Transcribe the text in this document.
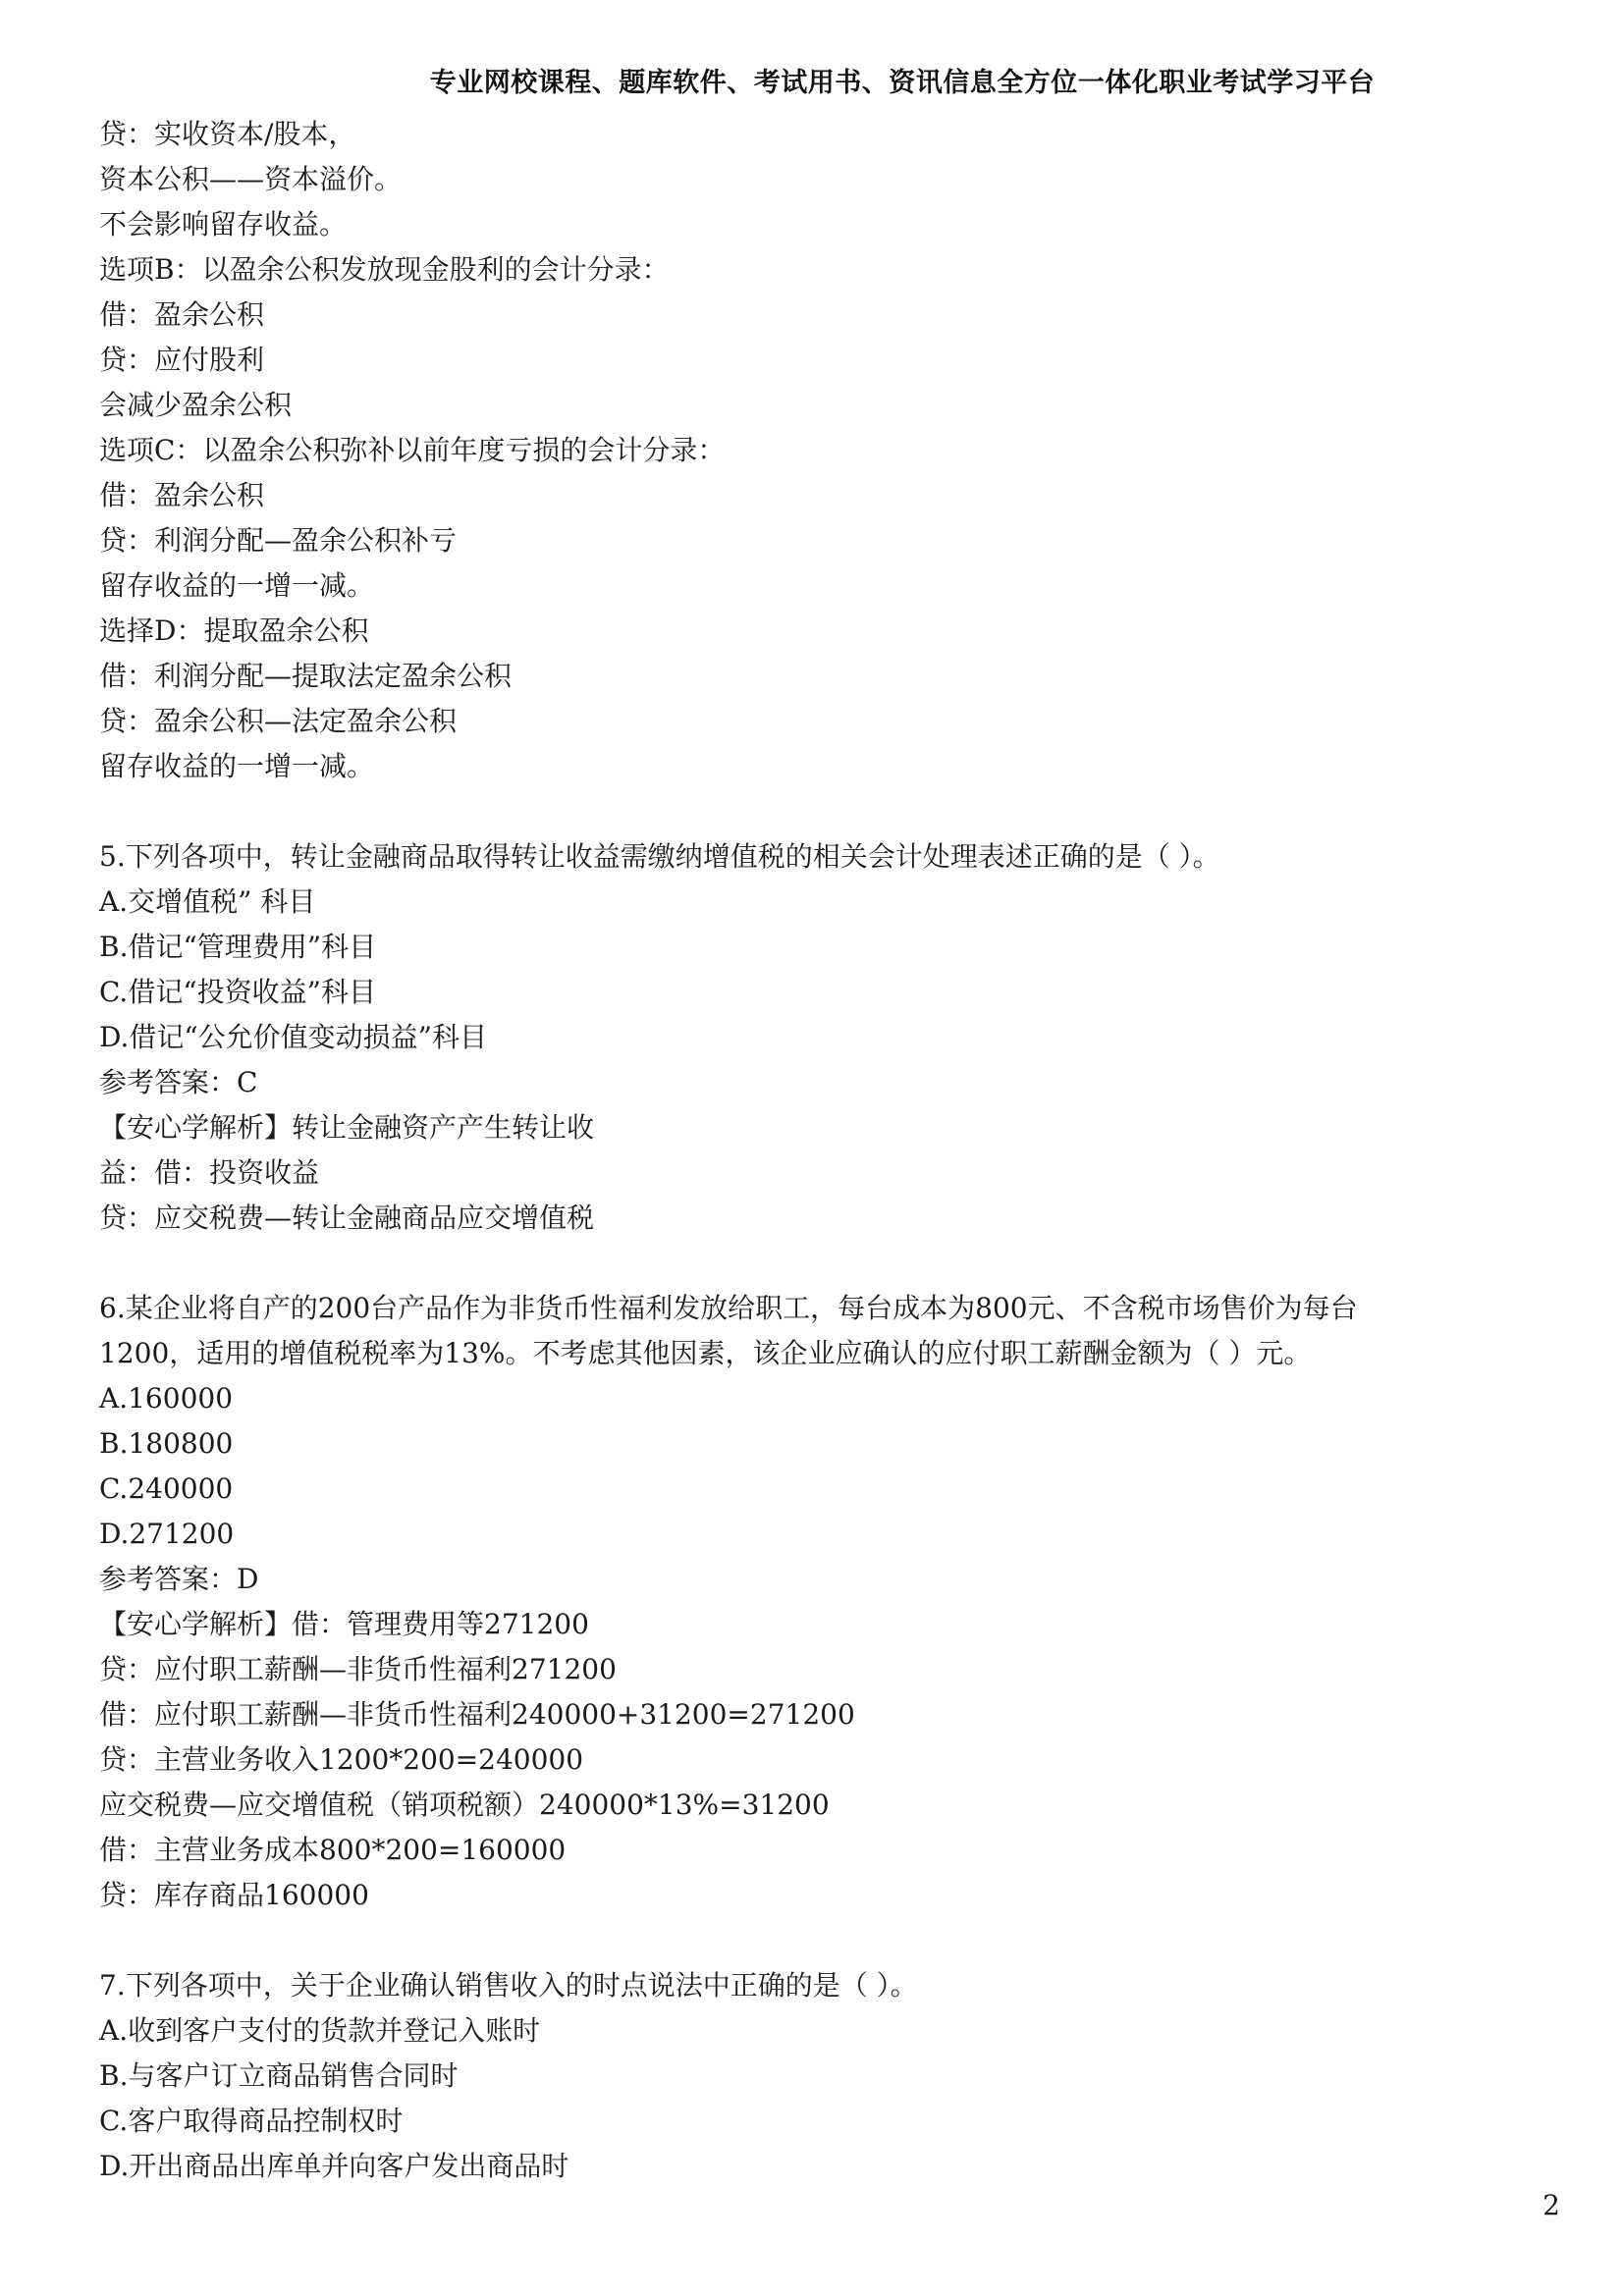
专业网校课程、题库软件、考试用书、资讯信息全方位一体化职业考试学习平台
贷：实收资本/股本，
资本公积——资本溢价。
不会影响留存收益。
选项B：以盈余公积发放现金股利的会计分录：
借：盈余公积
贷：应付股利
会减少盈余公积
选项C：以盈余公积弥补以前年度亏损的会计分录：
借：盈余公积
贷：利润分配—盈余公积补亏
留存收益的一增一减。
选择D：提取盈余公积
借：利润分配—提取法定盈余公积
贷：盈余公积—法定盈余公积
留存收益的一增一减。
5.下列各项中，转让金融商品取得转让收益需缴纳增值税的相关会计处理表述正确的是（ ）。
A.交增值税” 科目
B.借记“管理费用”科目
C.借记“投资收益”科目
D.借记“公允价值变动损益”科目
参考答案：C
【安心学解析】转让金融资产产生转让收
益：借：投资收益
贷：应交税费—转让金融商品应交增值税
6.某企业将自产的200台产品作为非货币性福利发放给职工，每台成本为800元、不含税市场售价为每台
1200，适用的增值税税率为13%。不考虑其他因素，该企业应确认的应付职工薪酬金额为（ ）元。
A.160000
B.180800
C.240000
D.271200
参考答案：D
【安心学解析】借：管理费用等271200
贷：应付职工薪酬—非货币性福利271200
借：应付职工薪酬—非货币性福利240000+31200=271200
贷：主营业务收入1200*200=240000
应交税费—应交增值税（销项税额）240000*13%=31200
借：主营业务成本800*200=160000
贷：库存商品160000
7.下列各项中，关于企业确认销售收入的时点说法中正确的是（ ）。
A.收到客户支付的货款并登记入账时
B.与客户订立商品销售合同时
C.客户取得商品控制权时
D.开出商品出库单并向客户发出商品时
2
